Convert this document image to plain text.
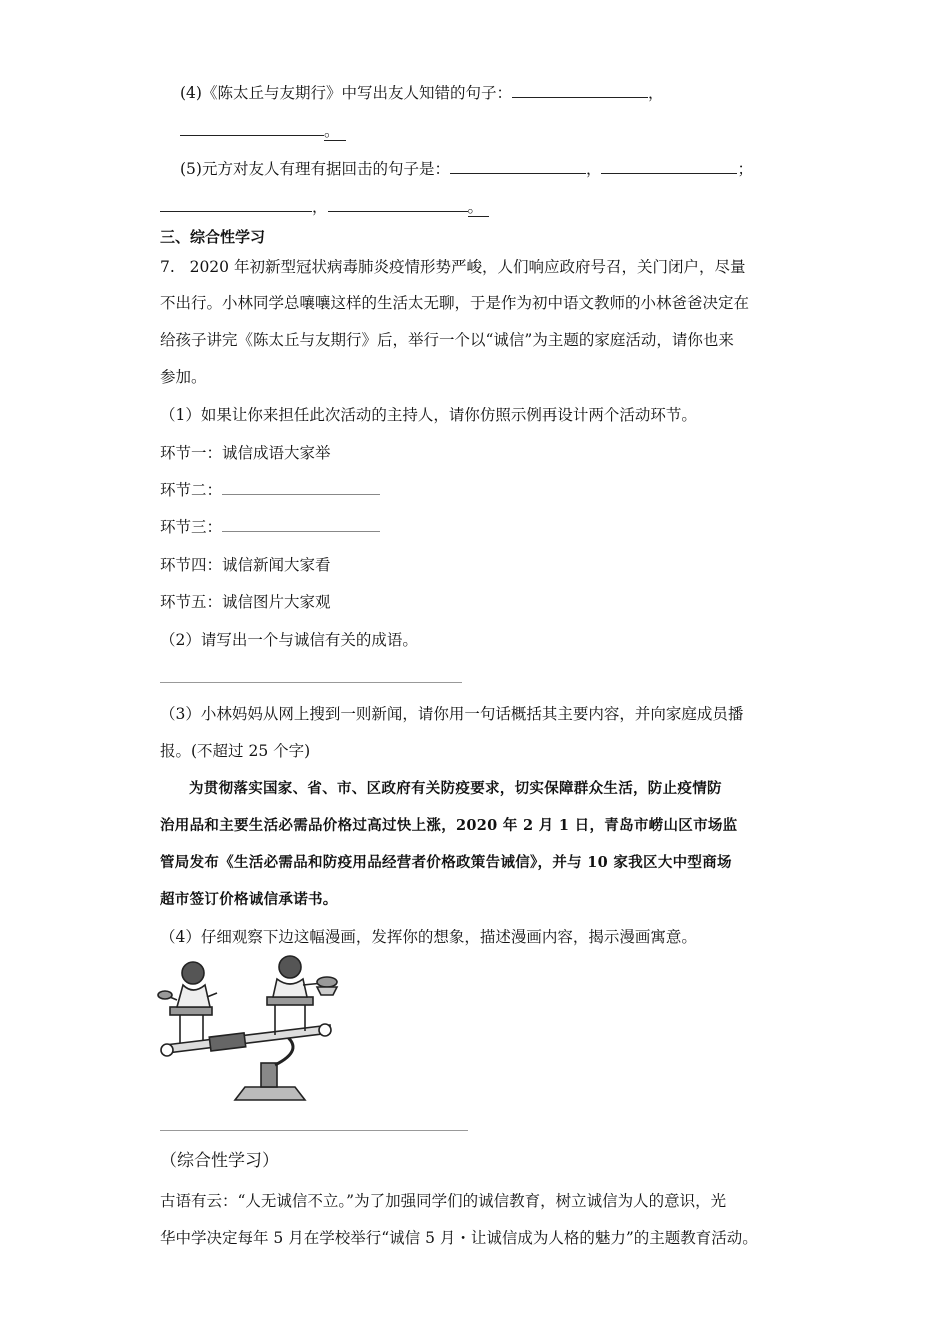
(4)《陈太丘与友期行》中写出友人知错的句子：	，
。
(5)元方对友人有理有据回击的句子是：	，	；
，	。
三、综合性学习
7. 2020 年初新型冠状病毒肺炎疫情形势严峻，人们响应政府号召，关门闭户，尽量
不出行。小林同学总嚷嚷这样的生活太无聊，于是作为初中语文教师的小林爸爸决定在
给孩子讲完《陈太丘与友期行》后，举行一个以“诚信”为主题的家庭活动，请你也来
参加。
（1）如果让你来担任此次活动的主持人，请你仿照示例再设计两个活动环节。
环节一：诚信成语大家举
环节二：
环节三：
环节四：诚信新闻大家看
环节五：诚信图片大家观
（2）请写出一个与诚信有关的成语。
（3）小林妈妈从网上搜到一则新闻，请你用一句话概括其主要内容，并向家庭成员播
报。(不超过 25 个字)
为贯彻落实国家、省、市、区政府有关防疫要求，切实保障群众生活，防止疫情防
治用品和主要生活必需品价格过高过快上涨，2020 年 2 月 1 日，青岛市崂山区市场监
管局发布《生活必需品和防疫用品经营者价格政策告诫信》，并与 10 家我区大中型商场
超市签订价格诚信承诺书。
（4）仔细观察下边这幅漫画，发挥你的想象，描述漫画内容，揭示漫画寓意。
（综合性学习）
古语有云：“人无诚信不立。”为了加强同学们的诚信教育，树立诚信为人的意识，光
华中学决定每年 5 月在学校举行“诚信 5 月・让诚信成为人格的魅力”的主题教育活动。
